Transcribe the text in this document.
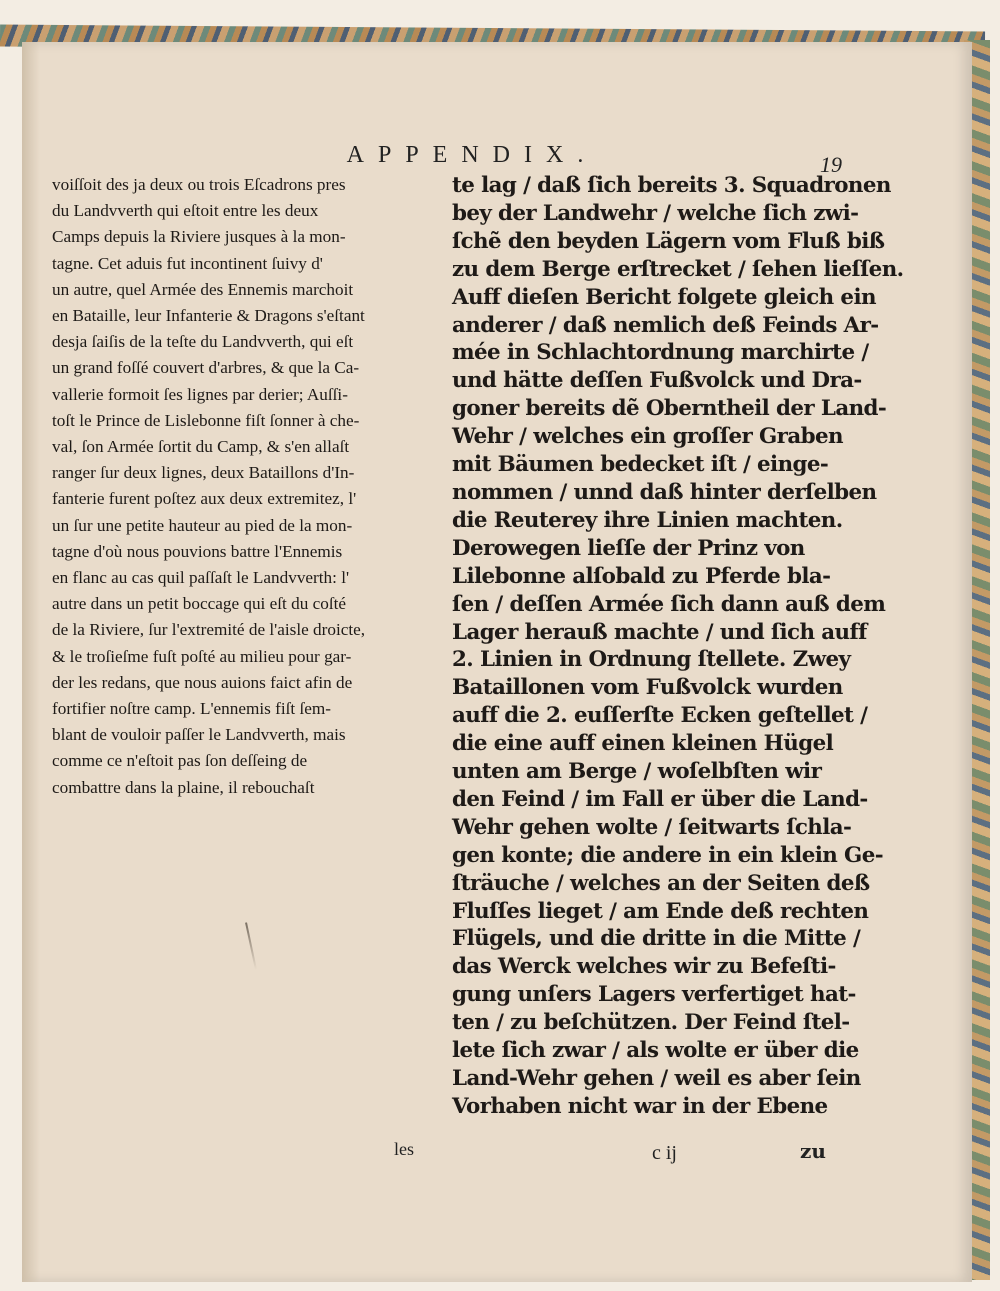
APPENDIX.	19
voiſſoit des ja deux ou trois Eſcadrons pres
du Landvverth qui eſtoit entre les deux
Camps depuis la Riviere jusques à la mon-
tagne. Cet aduis fut incontinent ſuivy d'
un autre, quel Armée des Ennemis marchoit
en Bataille, leur Infanterie & Dragons s'eſtant
desja ſaiſis de la teſte du Landvverth, qui eſt
un grand foſſé couvert d'arbres, & que la Ca-
vallerie formoit ſes lignes par derier; Auſſi-
toſt le Prince de Lislebonne fiſt ſonner à che-
val, ſon Armée ſortit du Camp, & s'en allaſt
ranger ſur deux lignes, deux Bataillons d'In-
fanterie furent poſtez aux deux extremitez, l'
un ſur une petite hauteur au pied de la mon-
tagne d'où nous pouvions battre l'Ennemis
en flanc au cas quil paſſaſt le Landvverth: l'
autre dans un petit boccage qui eſt du coſté
de la Riviere, ſur l'extremité de l'aisle droicte,
& le troſieſme fuſt poſté au milieu pour gar-
der les redans, que nous auions faict afin de
fortifier noſtre camp. L'ennemis fiſt ſem-
blant de vouloir paſſer le Landvverth, mais
comme ce n'eſtoit pas ſon deſſeing de
combattre dans la plaine, il rebouchaſt
te lag / daß ſich bereits 3. Squadronen
bey der Landwehr / welche ſich zwi-
ſchẽ den beyden Lägern vom Fluß biß
zu dem Berge erſtrecket / ſehen lieſſen.
Auff dieſen Bericht folgete gleich ein
anderer / daß nemlich deß Feinds Ar-
mée in Schlachtordnung marchirte /
und hätte deſſen Fußvolck und Dra-
goner bereits dẽ Oberntheil der Land-
Wehr / welches ein groſſer Graben
mit Bäumen bedecket iſt / einge-
nommen / unnd daß hinter derſelben
die Reuterey ihre Linien machten.
Derowegen lieſſe der Prinz von
Lilebonne alſobald zu Pferde bla-
ſen / deſſen Armée ſich dann auß dem
Lager herauß machte / und ſich auff
2. Linien in Ordnung ſtellete. Zwey
Bataillonen vom Fußvolck wurden
auff die 2. euſſerſte Ecken geſtellet /
die eine auff einen kleinen Hügel
unten am Berge / woſelbſten wir
den Feind / im Fall er über die Land-
Wehr gehen wolte / ſeitwarts ſchla-
gen konte; die andere in ein klein Ge-
ſträuche / welches an der Seiten deß
Fluſſes lieget / am Ende deß rechten
Flügels, und die dritte in die Mitte /
das Werck welches wir zu Befeſti-
gung unſers Lagers verfertiget hat-
ten / zu beſchützen. Der Feind ſtel-
lete ſich zwar / als wolte er über die
Land-Wehr gehen / weil es aber ſein
Vorhaben nicht war in der Ebene
les	c ij	zu
